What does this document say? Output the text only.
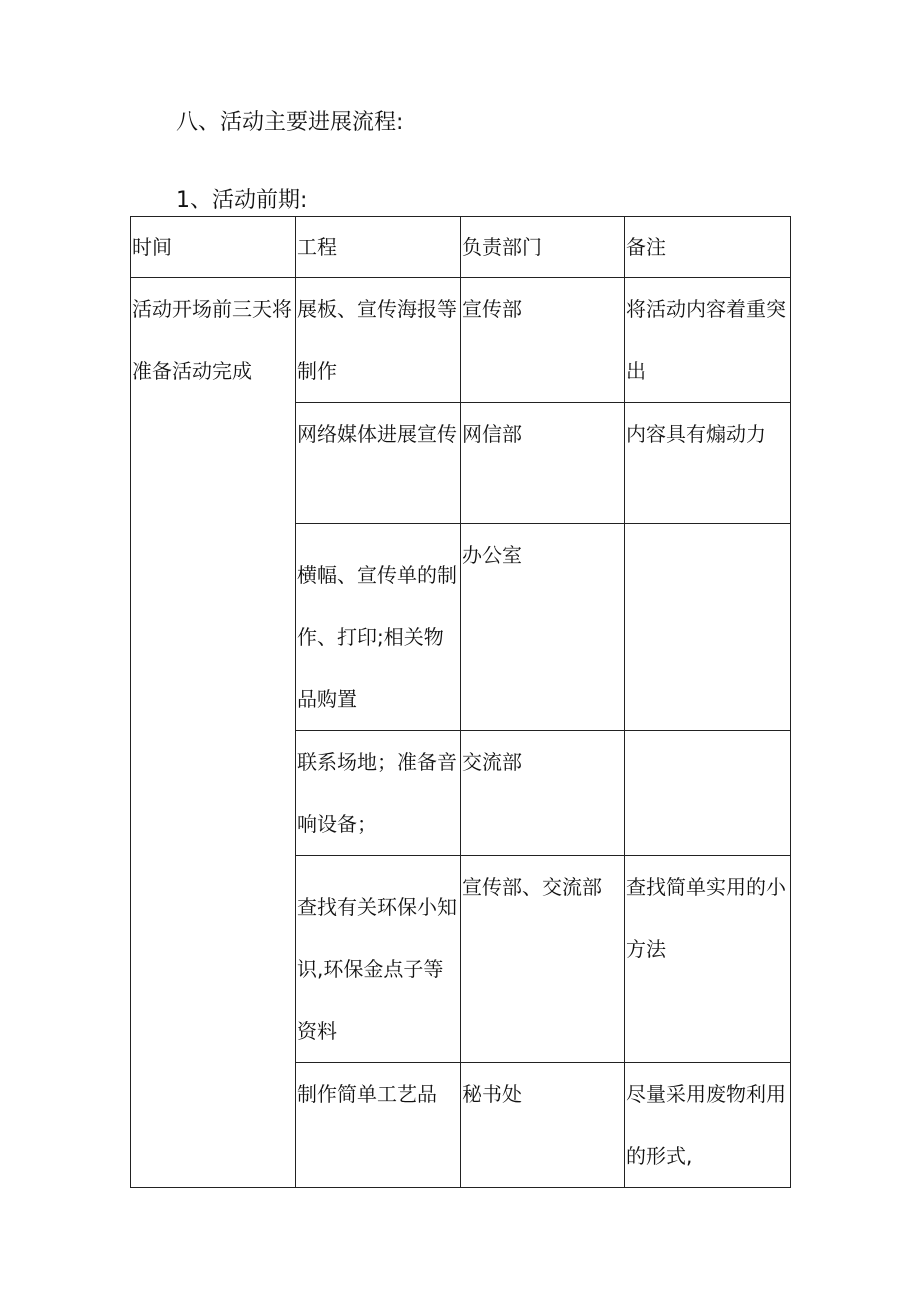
八、活动主要进展流程:
1、活动前期:
时间	工程	负责部门	备注

活动开场前三天将准备活动完成	展板、宣传海报等制作	宣传部	将活动内容着重突出

	网络媒体进展宣传	网信部	内容具有煽动力

	横幅、宣传单的制作、打印;相关物品购置	办公室	

	联系场地；准备音响设备；	交流部	

	查找有关环保小知识,环保金点子等资料	宣传部、交流部	查找简单实用的小方法

	制作简单工艺品	秘书处	尽量采用废物利用的形式,
